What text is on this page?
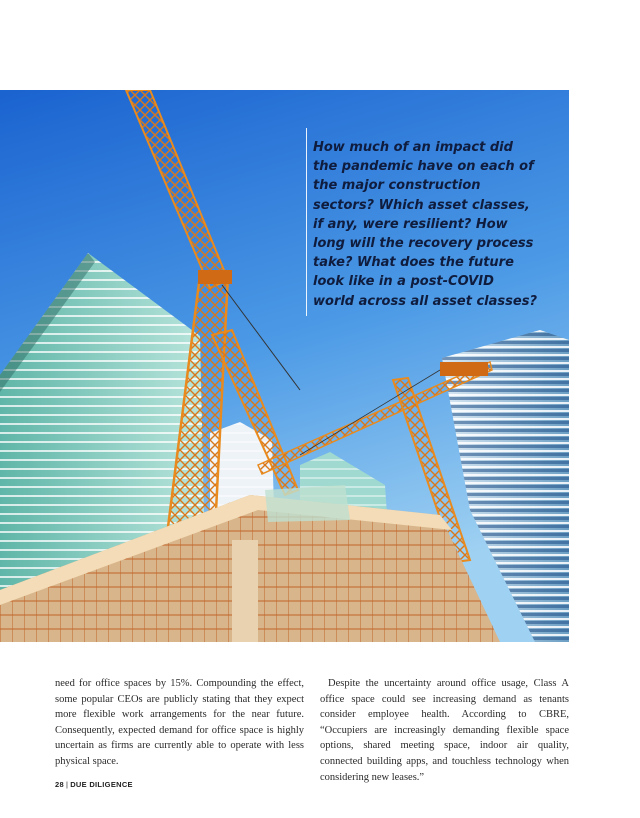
How much of an impact did the pandemic have on each of the major construction sectors? Which asset classes, if any, were resilient? How long will the recovery process take? What does the future look like in a post-COVID world across all asset classes?

need for office spaces by 15%. Compounding the effect, some popular CEOs are publicly stating that they expect more flexible work arrangements for the near future. Consequently, expected demand for office space is highly uncertain as firms are currently able to operate with less physical space.

Despite the uncertainty around office usage, Class A office space could see increasing demand as tenants consider employee health. According to CBRE, “Occupiers are increasingly demanding flexible space options, shared meeting space, indoor air quality, connected building apps, and touchless technology when considering new leases.”

28 | DUE DILIGENCE
